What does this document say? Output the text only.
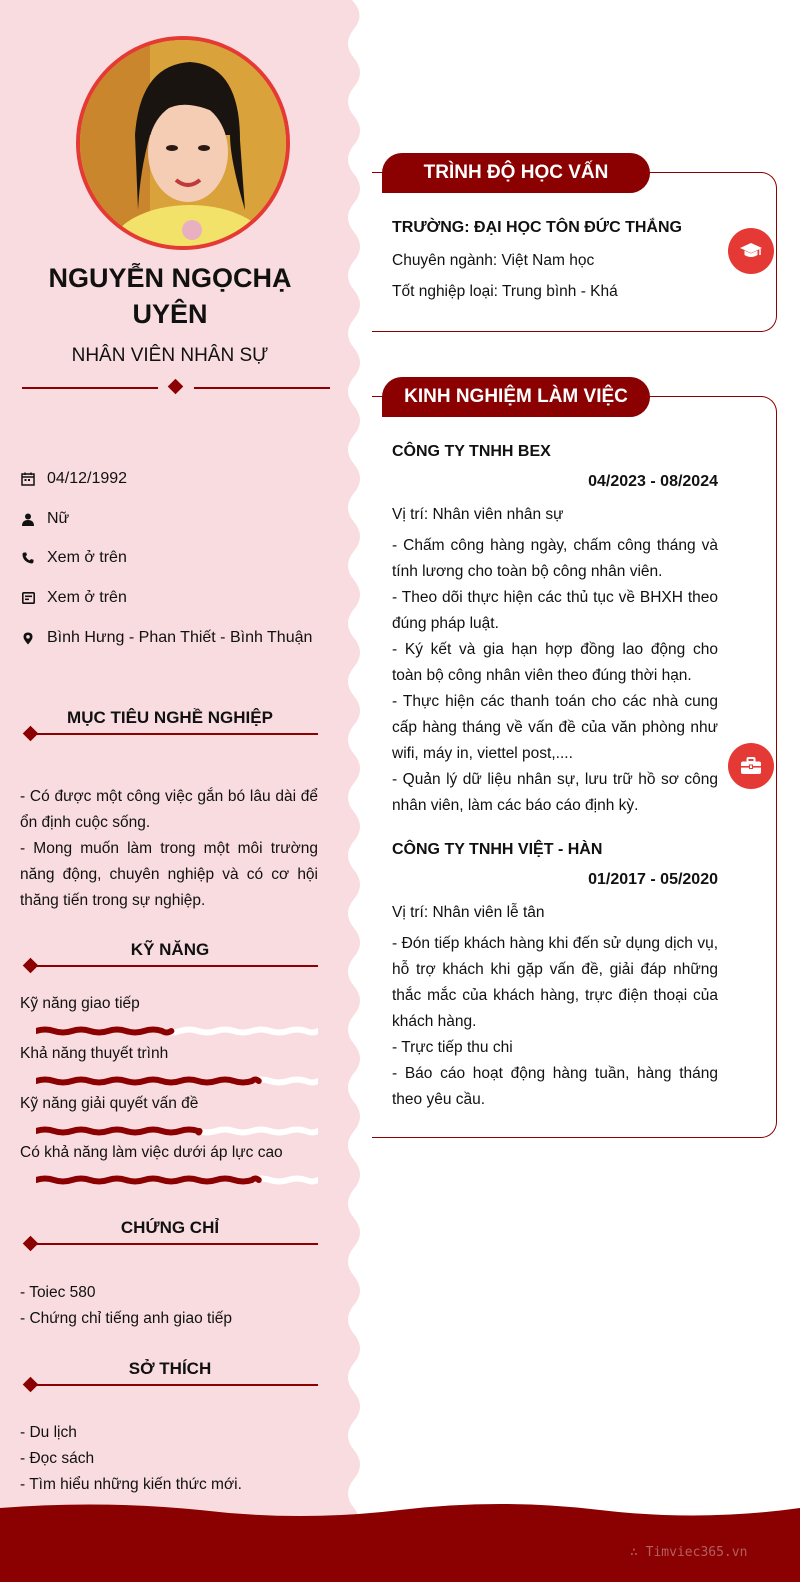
NGUYỄN NGỌCHẠ UYÊN
NHÂN VIÊN NHÂN SỰ
04/12/1992
Nữ
Xem ở trên
Xem ở trên
Bình Hưng - Phan Thiết - Bình Thuận
MỤC TIÊU NGHỀ NGHIỆP
- Có được một công việc gắn bó lâu dài để ổn định cuộc sống.
- Mong muốn làm trong một môi trường năng động, chuyên nghiệp và có cơ hội thăng tiến trong sự nghiệp.
KỸ NĂNG
Kỹ năng giao tiếp
Khả năng thuyết trình
Kỹ năng giải quyết vấn đề
Có khả năng làm việc dưới áp lực cao
CHỨNG CHỈ
- Toiec 580
- Chứng chỉ tiếng anh giao tiếp
SỞ THÍCH
- Du lịch
- Đọc sách
- Tìm hiểu những kiến thức mới.
TRÌNH ĐỘ HỌC VẤN
TRƯỜNG: ĐẠI HỌC TÔN ĐỨC THẮNG
Chuyên ngành: Việt Nam học
Tốt nghiệp loại: Trung bình - Khá
KINH NGHIỆM LÀM VIỆC
CÔNG TY TNHH BEX
04/2023 - 08/2024
Vị trí: Nhân viên nhân sự
- Chấm công hàng ngày, chấm công tháng và tính lương cho toàn bộ công nhân viên.
- Theo dõi thực hiện các thủ tục về BHXH theo đúng pháp luật.
- Ký kết và gia hạn hợp đồng lao động cho toàn bộ công nhân viên theo đúng thời hạn.
- Thực hiện các thanh toán cho các nhà cung cấp hàng tháng về vấn đề của văn phòng như wifi, máy in, viettel post,....
- Quản lý dữ liệu nhân sự, lưu trữ hồ sơ công nhân viên, làm các báo cáo định kỳ.
CÔNG TY TNHH VIỆT - HÀN
01/2017 - 05/2020
Vị trí: Nhân viên lễ tân
- Đón tiếp khách hàng khi đến sử dụng dịch vụ, hỗ trợ khách khi gặp vấn đề, giải đáp những thắc mắc của khách hàng, trực điện thoại của khách hàng.
- Trực tiếp thu chi
- Báo cáo hoạt động hàng tuần, hàng tháng theo yêu cầu.
∴ Timviec365.vn
